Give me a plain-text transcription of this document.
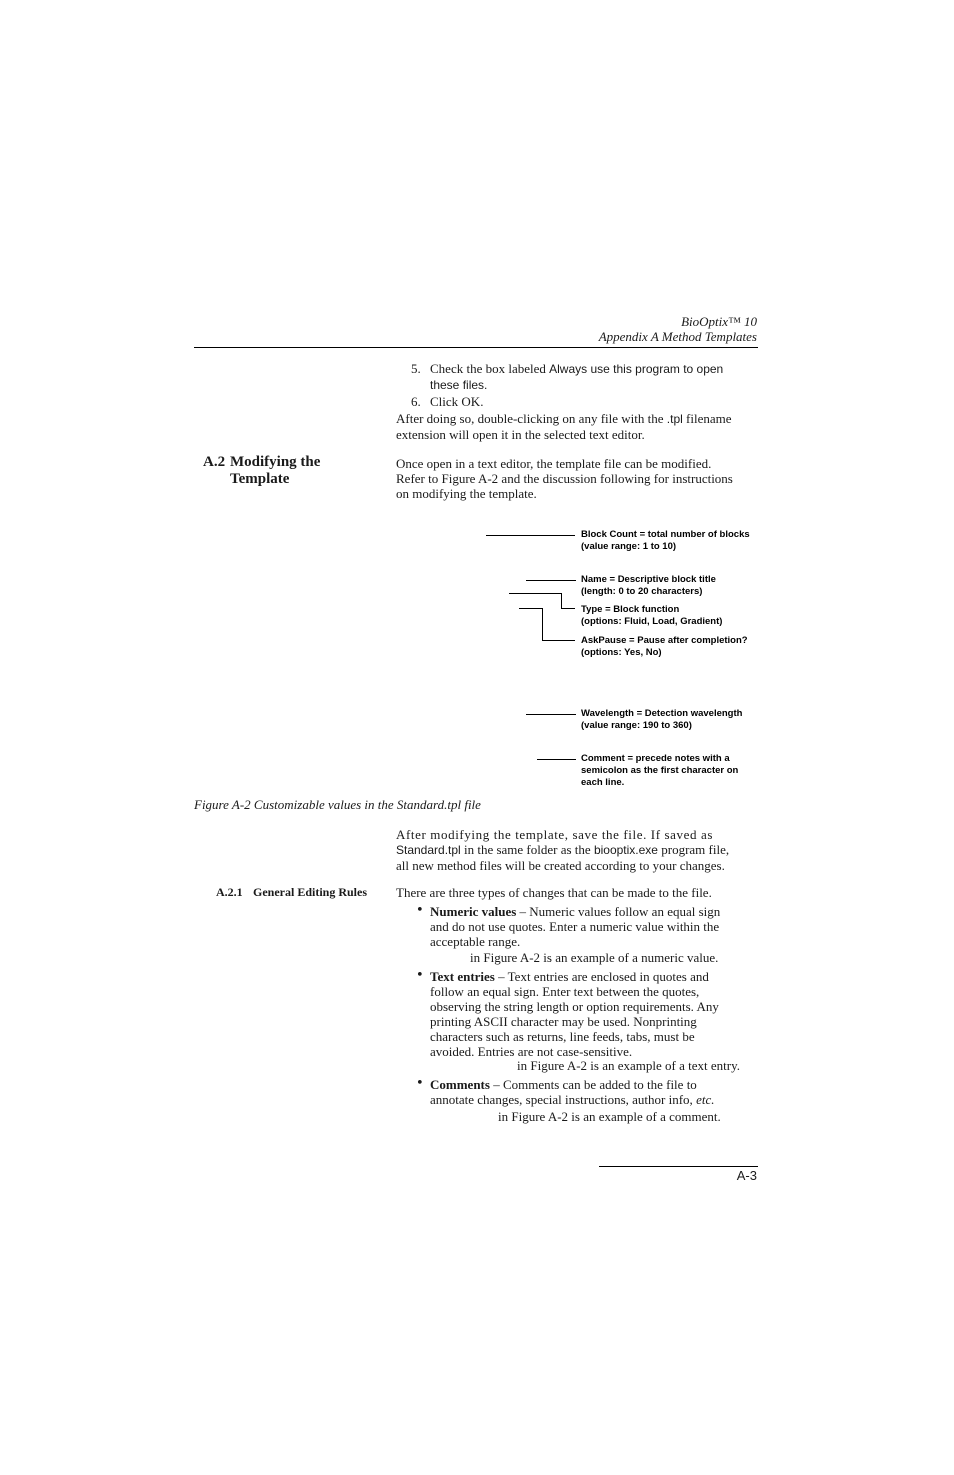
BioOptix™ 10
Appendix A Method Templates
5. Check the box labeled Always use this program to open
these files.
6. Click OK.
After doing so, double-clicking on any file with the .tpl filename
extension will open it in the selected text editor.
A.2 Modifying the
Template
Once open in a text editor, the template file can be modified.
Refer to Figure A-2 and the discussion following for instructions
on modifying the template.
Block Count = total number of blocks
(value range: 1 to 10)
Name = Descriptive block title
(length: 0 to 20 characters)
Type = Block function
(options: Fluid, Load, Gradient)
AskPause = Pause after completion?
(options: Yes, No)
Wavelength = Detection wavelength
(value range: 190 to 360)
Comment = precede notes with a
semicolon as the first character on
each line.
Figure A-2 Customizable values in the Standard.tpl file
After modifying the template, save the file. If saved as
Standard.tpl in the same folder as the biooptix.exe program file,
all new method files will be created according to your changes.
A.2.1 General Editing Rules There are three types of changes that can be made to the file.
• Numeric values – Numeric values follow an equal sign
and do not use quotes. Enter a numeric value within the
acceptable range.
in Figure A-2 is an example of a numeric value.
• Text entries – Text entries are enclosed in quotes and
follow an equal sign. Enter text between the quotes,
observing the string length or option requirements. Any
printing ASCII character may be used. Nonprinting
characters such as returns, line feeds, tabs, must be
avoided. Entries are not case-sensitive.
in Figure A-2 is an example of a text entry.
• Comments – Comments can be added to the file to
annotate changes, special instructions, author info, etc.
in Figure A-2 is an example of a comment.
A-3
